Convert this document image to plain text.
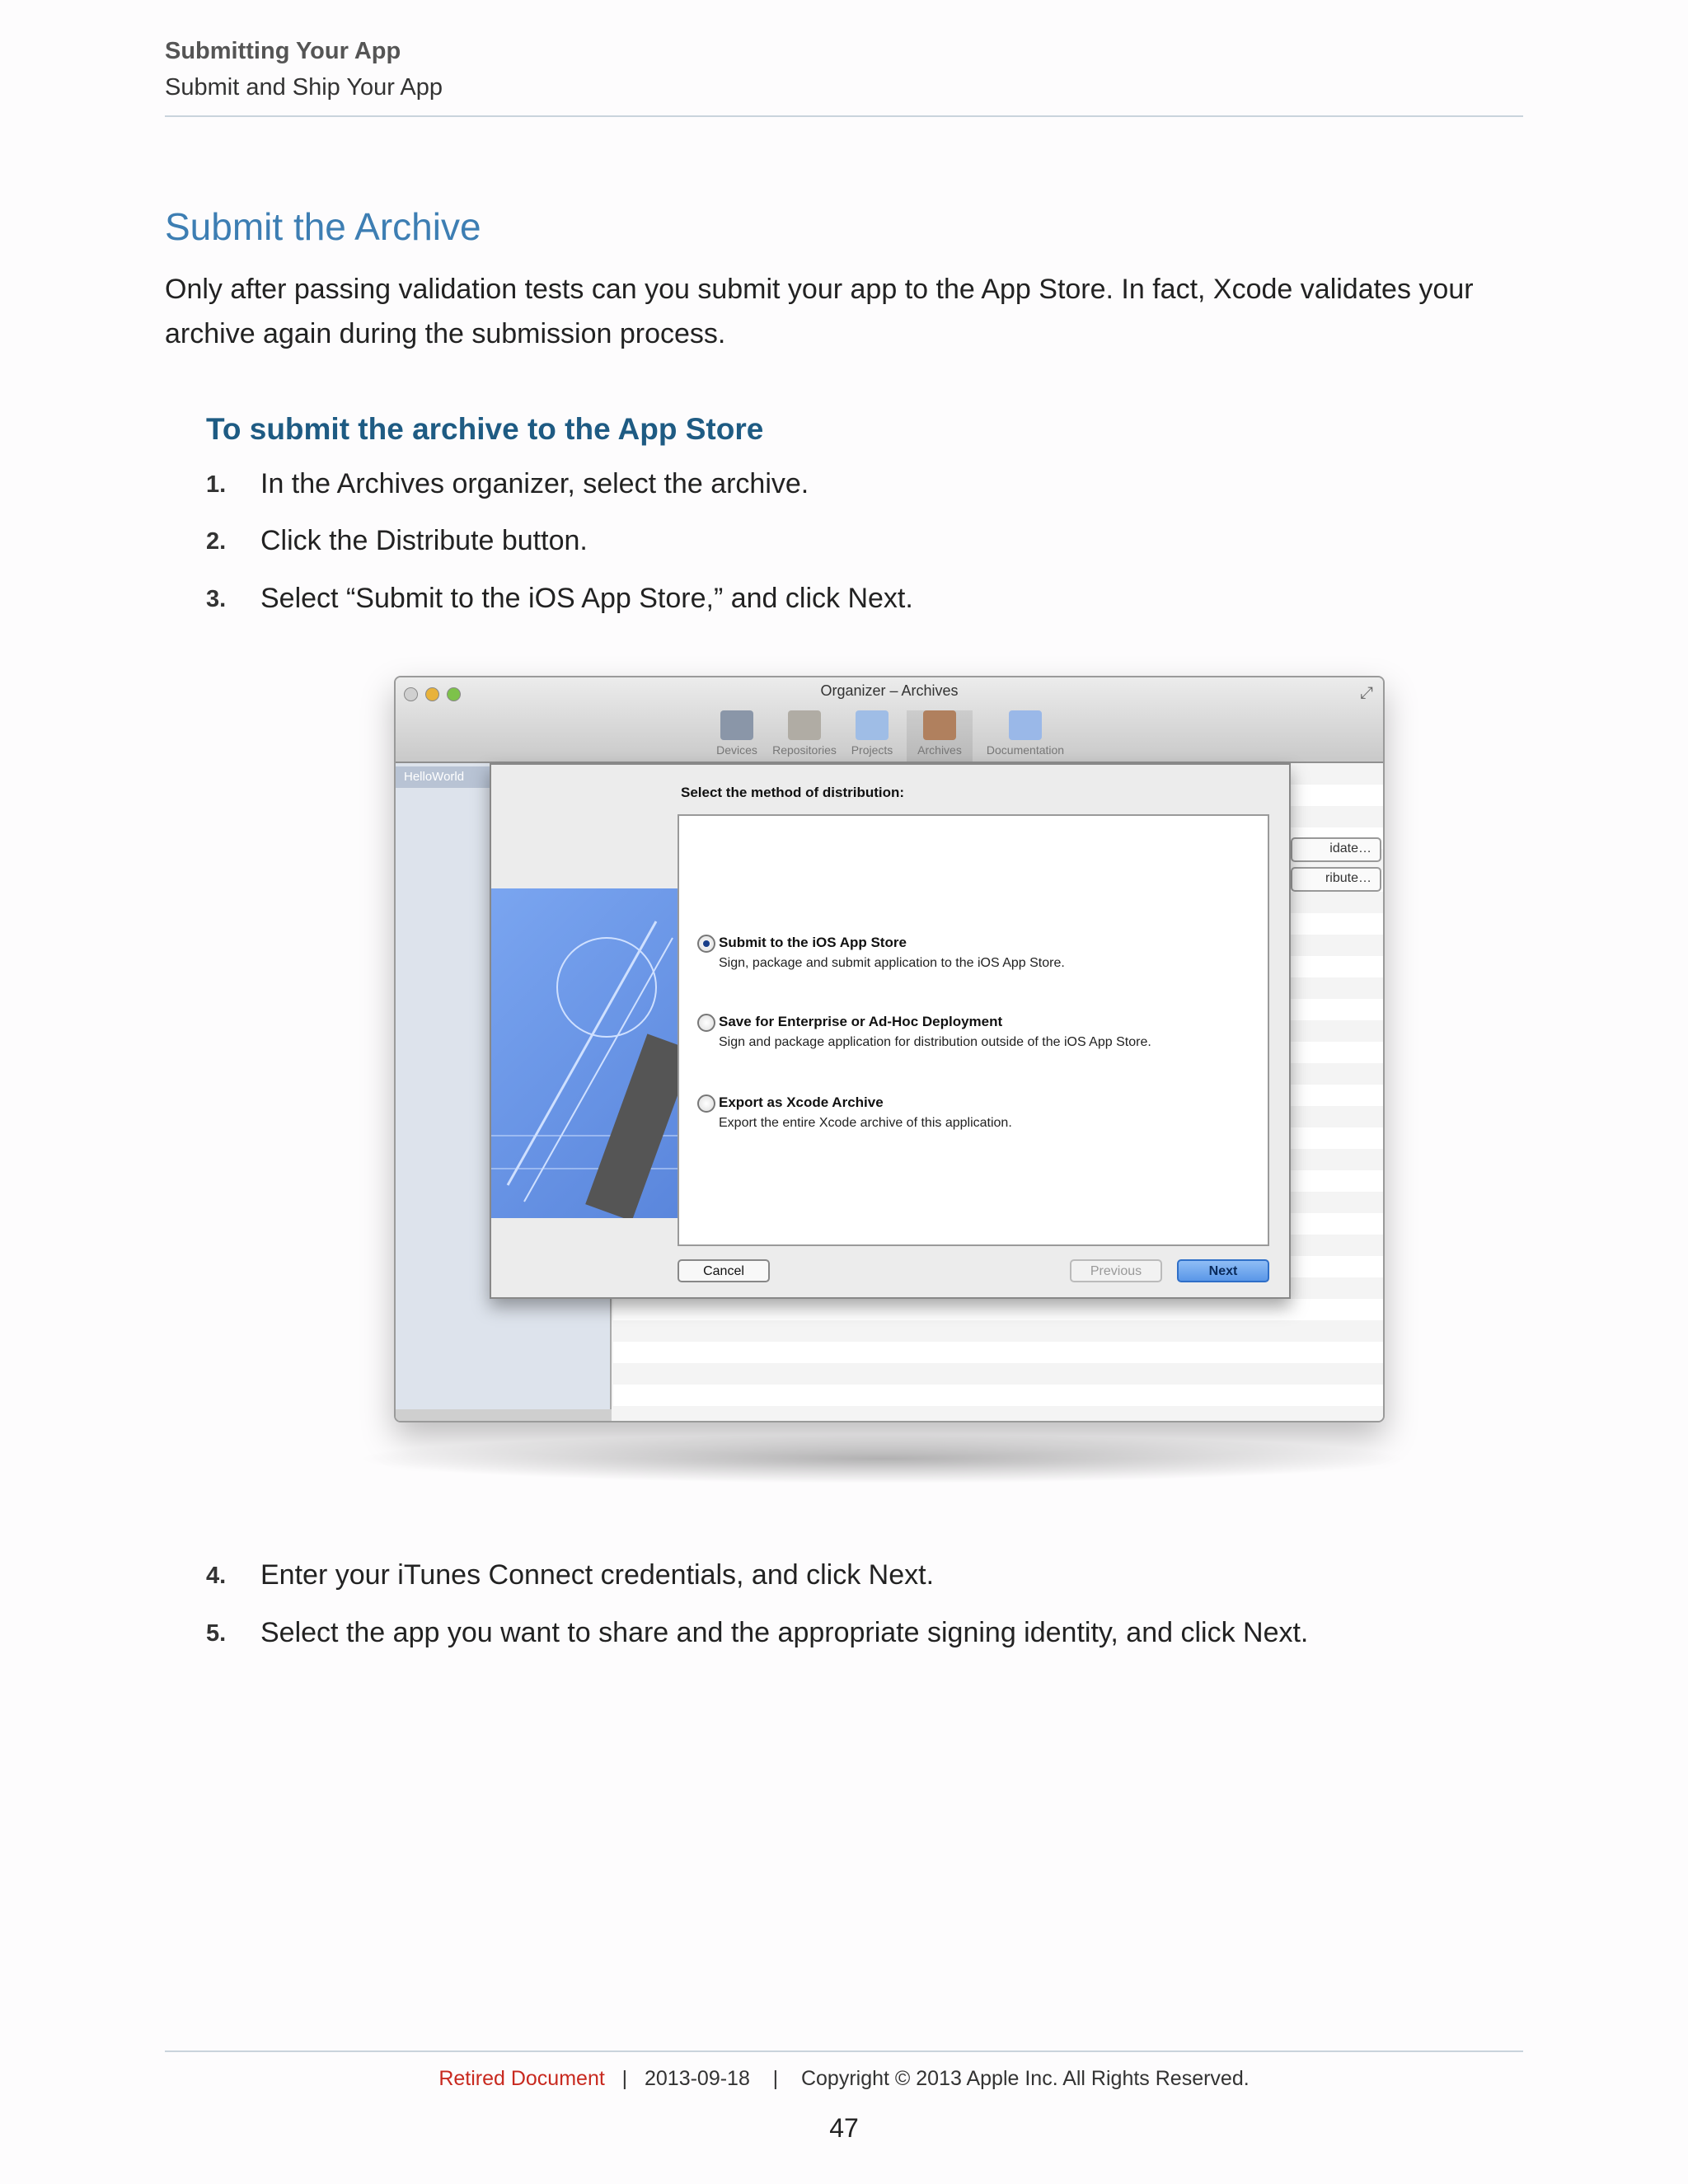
Submitting Your App
Submit and Ship Your App
Submit the Archive
Only after passing validation tests can you submit your app to the App Store. In fact, Xcode validates your archive again during the submission process.
To submit the archive to the App Store
1. In the Archives organizer, select the archive.
2. Click the Distribute button.
3. Select “Submit to the iOS App Store,” and click Next.
Organizer – Archives	⤢
Devices	Repositories	Projects	Archives	Documentation
HelloWorld
idate…
ribute…
Select the method of distribution:
Submit to the iOS App Store
Sign, package and submit application to the iOS App Store.
Save for Enterprise or Ad-Hoc Deployment
Sign and package application for distribution outside of the iOS App Store.
Export as Xcode Archive
Export the entire Xcode archive of this application.
Cancel	Previous	Next
4. Enter your iTunes Connect credentials, and click Next.
5. Select the app you want to share and the appropriate signing identity, and click Next.
Retired Document | 2013-09-18 | Copyright © 2013 Apple Inc. All Rights Reserved.
47
